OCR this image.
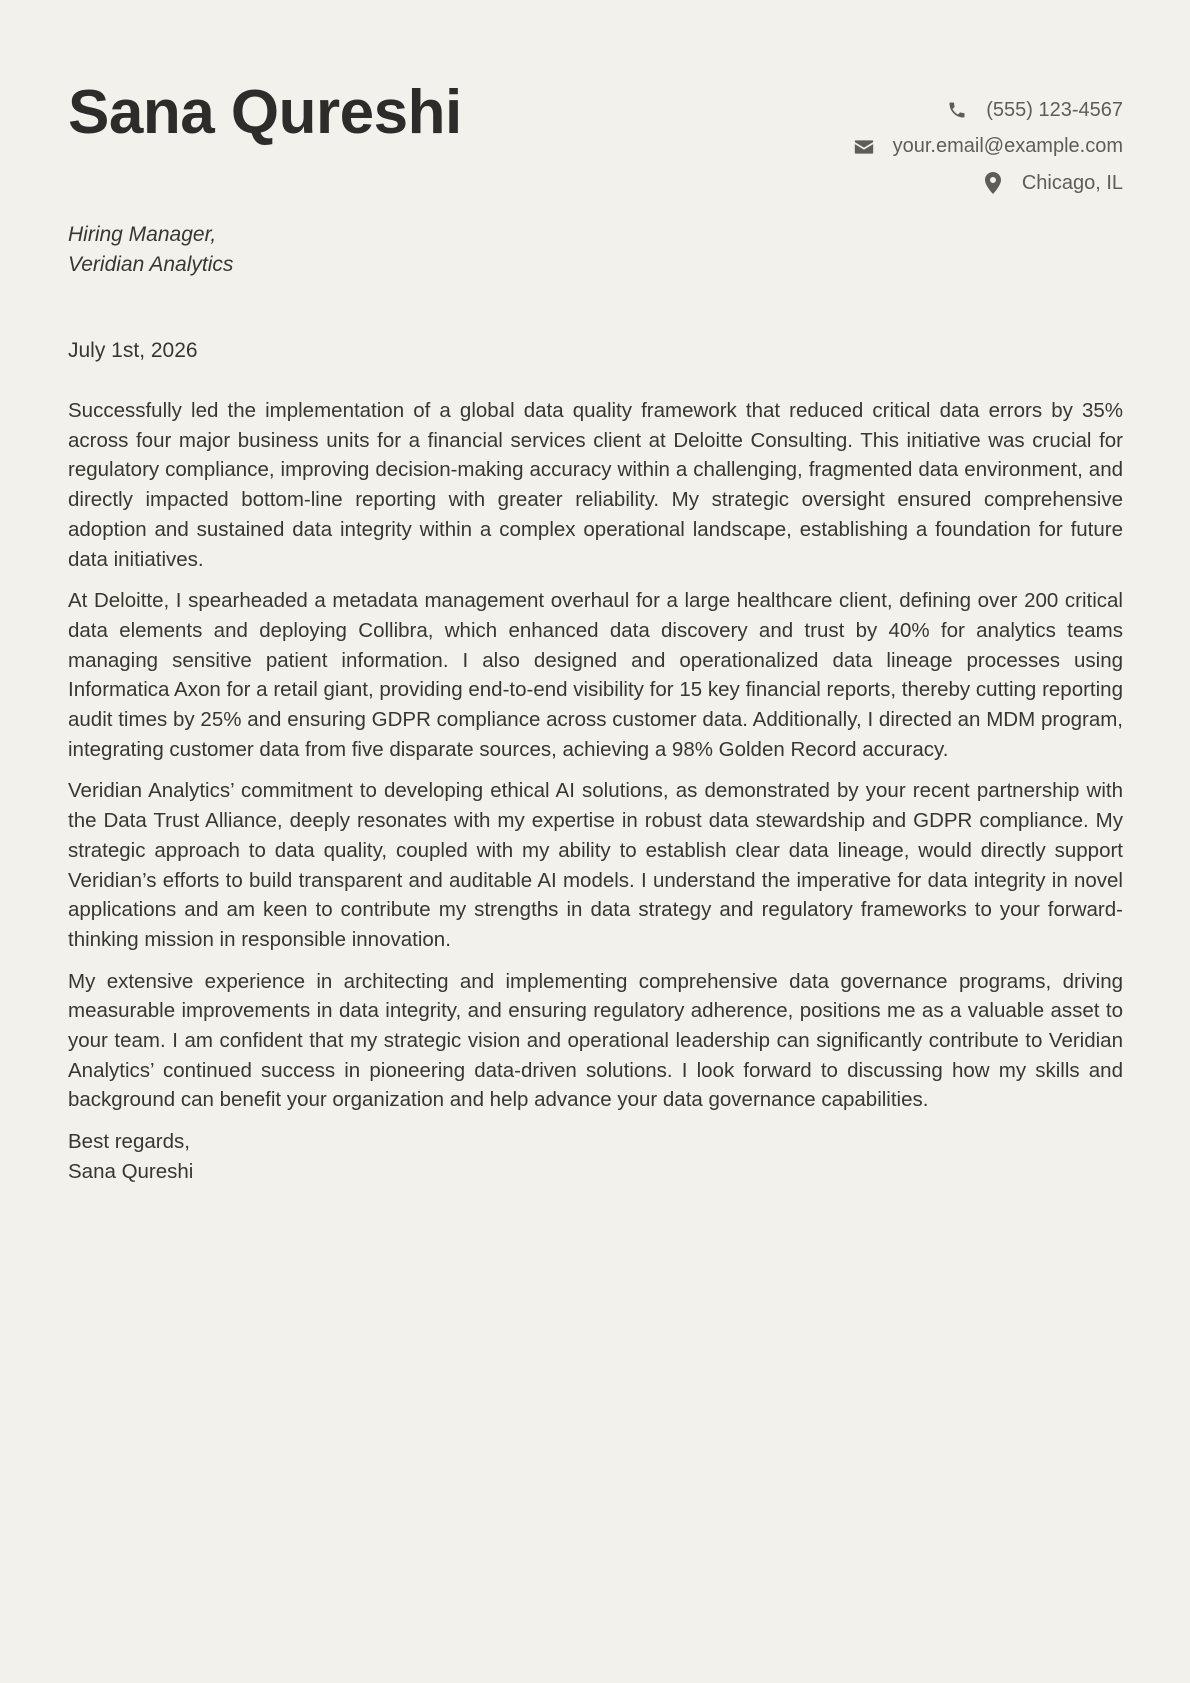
Sana Qureshi	(555) 123-4567
your.email@example.com
Chicago, IL
Hiring Manager,
Veridian Analytics
July 1st, 2026

Successfully led the implementation of a global data quality framework that reduced critical data errors by 35% across four major business units for a financial services client at Deloitte Consulting. This initiative was crucial for regulatory compliance, improving decision-making accuracy within a challenging, fragmented data environment, and directly impacted bottom-line reporting with greater reliability. My strategic oversight ensured comprehensive adoption and sustained data integrity within a complex operational landscape, establishing a foundation for future data initiatives.

At Deloitte, I spearheaded a metadata management overhaul for a large healthcare client, defining over 200 critical data elements and deploying Collibra, which enhanced data discovery and trust by 40% for analytics teams managing sensitive patient information. I also designed and operationalized data lineage processes using Informatica Axon for a retail giant, providing end-to-end visibility for 15 key financial reports, thereby cutting reporting audit times by 25% and ensuring GDPR compliance across customer data. Additionally, I directed an MDM program, integrating customer data from five disparate sources, achieving a 98% Golden Record accuracy.

Veridian Analytics’ commitment to developing ethical AI solutions, as demonstrated by your recent partnership with the Data Trust Alliance, deeply resonates with my expertise in robust data stewardship and GDPR compliance. My strategic approach to data quality, coupled with my ability to establish clear data lineage, would directly support Veridian’s efforts to build transparent and auditable AI models. I understand the imperative for data integrity in novel applications and am keen to contribute my strengths in data strategy and regulatory frameworks to your forward-thinking mission in responsible innovation.

My extensive experience in architecting and implementing comprehensive data governance programs, driving measurable improvements in data integrity, and ensuring regulatory adherence, positions me as a valuable asset to your team. I am confident that my strategic vision and operational leadership can significantly contribute to Veridian Analytics’ continued success in pioneering data-driven solutions. I look forward to discussing how my skills and background can benefit your organization and help advance your data governance capabilities.

Best regards,
Sana Qureshi
